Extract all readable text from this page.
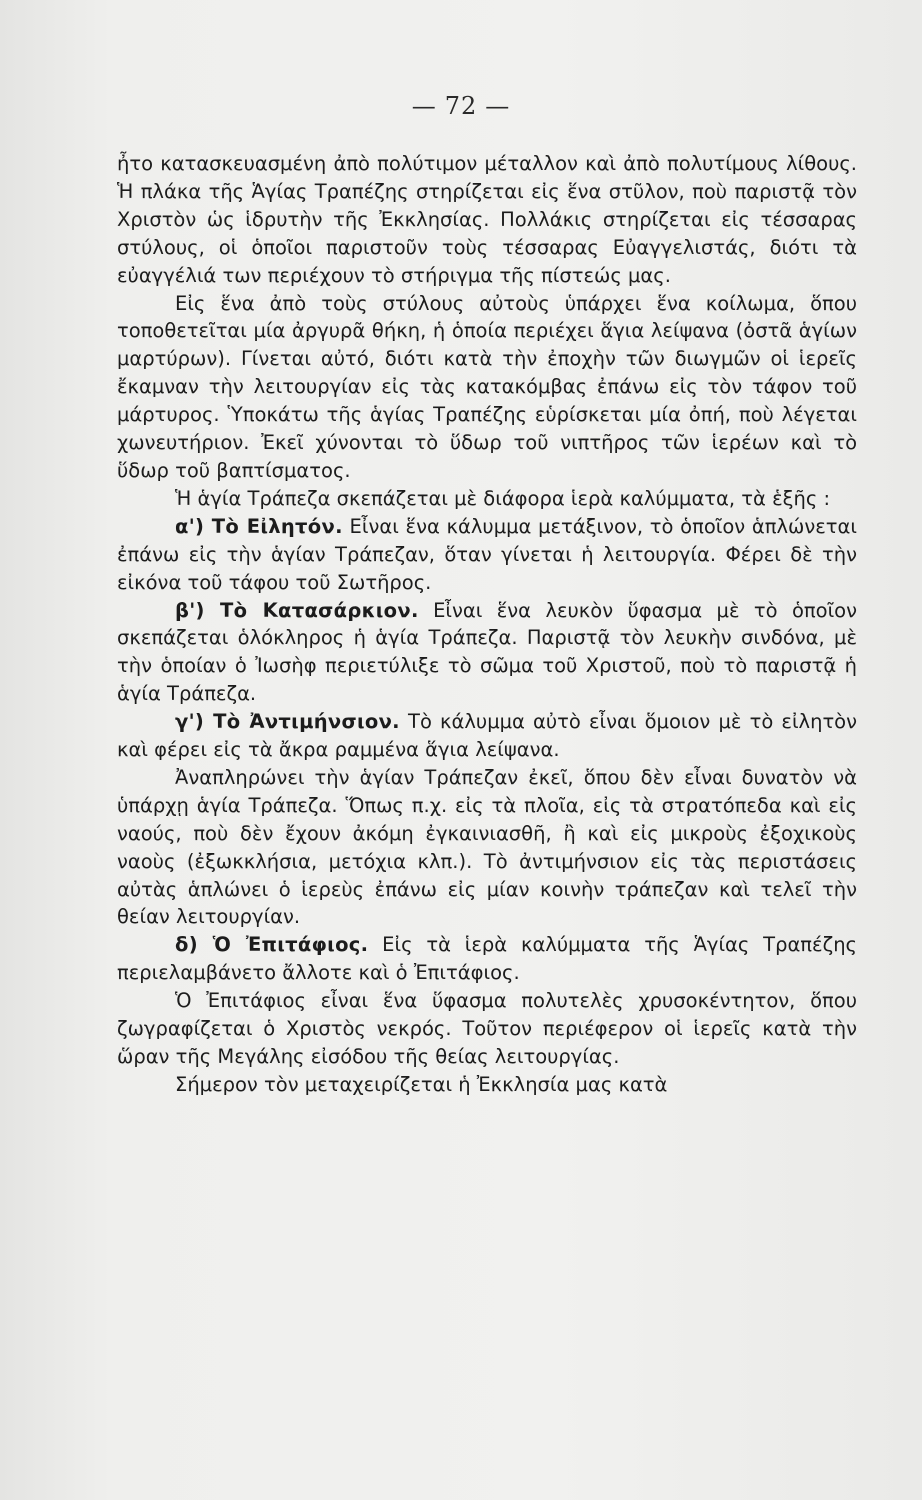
— 72 —

ἦτο κατασκευασμένη ἀπὸ πολύτιμον μέταλλον καὶ ἀπὸ πολυτίμους λίθους. Ἡ πλάκα τῆς Ἁγίας Τραπέζης στηρίζεται εἰς ἕνα στῦλον, ποὺ παριστᾷ τὸν Χριστὸν ὡς ἱδρυτὴν τῆς Ἐκκλησίας. Πολλάκις στηρίζεται εἰς τέσσαρας στύλους, οἱ ὁποῖοι παριστοῦν τοὺς τέσσαρας Εὐαγγελιστάς, διότι τὰ εὐαγγέλιά των περιέχουν τὸ στήριγμα τῆς πίστεώς μας.

Εἰς ἕνα ἀπὸ τοὺς στύλους αὐτοὺς ὑπάρχει ἕνα κοίλωμα, ὅπου τοποθετεῖται μία ἀργυρᾶ θήκη, ἡ ὁποία περιέχει ἅγια λείψανα (ὀστᾶ ἁγίων μαρτύρων). Γίνεται αὐτό, διότι κατὰ τὴν ἐποχὴν τῶν διωγμῶν οἱ ἱερεῖς ἔκαμναν τὴν λειτουργίαν εἰς τὰς κατακόμβας ἐπάνω εἰς τὸν τάφον τοῦ μάρτυρος. Ὑποκάτω τῆς ἁγίας Τραπέζης εὑρίσκεται μία ὀπή, ποὺ λέγεται χωνευτήριον. Ἐκεῖ χύνονται τὸ ὕδωρ τοῦ νιπτῆρος τῶν ἱερέων καὶ τὸ ὕδωρ τοῦ βαπτίσματος.

Ἡ ἁγία Τράπεζα σκεπάζεται μὲ διάφορα ἱερὰ καλύμματα, τὰ ἑξῆς :

α') Τὸ Εἰλητόν. Εἶναι ἕνα κάλυμμα μετάξινον, τὸ ὁποῖον ἁπλώνεται ἐπάνω εἰς τὴν ἁγίαν Τράπεζαν, ὅταν γίνεται ἡ λειτουργία. Φέρει δὲ τὴν εἰκόνα τοῦ τάφου τοῦ Σωτῆρος.

β') Τὸ Κατασάρκιον. Εἶναι ἕνα λευκὸν ὕφασμα μὲ τὸ ὁποῖον σκεπάζεται ὁλόκληρος ἡ ἁγία Τράπεζα. Παριστᾷ τὸν λευκὴν σινδόνα, μὲ τὴν ὁποίαν ὁ Ἰωσὴφ περιετύλιξε τὸ σῶμα τοῦ Χριστοῦ, ποὺ τὸ παριστᾷ ἡ ἁγία Τράπεζα.

γ') Τὸ Ἀντιμήνσιον. Τὸ κάλυμμα αὐτὸ εἶναι ὅμοιον μὲ τὸ εἰλητὸν καὶ φέρει εἰς τὰ ἄκρα ραμμένα ἅγια λείψανα.

Ἀναπληρώνει τὴν ἁγίαν Τράπεζαν ἐκεῖ, ὅπου δὲν εἶναι δυνατὸν νὰ ὑπάρχῃ ἁγία Τράπεζα. Ὅπως π.χ. εἰς τὰ πλοῖα, εἰς τὰ στρατόπεδα καὶ εἰς ναούς, ποὺ δὲν ἔχουν ἀκόμη ἐγκαινιασθῆ, ἢ καὶ εἰς μικροὺς ἐξοχικοὺς ναοὺς (ἐξωκκλήσια, μετόχια κλπ.). Τὸ ἀντιμήνσιον εἰς τὰς περιστάσεις αὐτὰς ἁπλώνει ὁ ἱερεὺς ἐπάνω εἰς μίαν κοινὴν τράπεζαν καὶ τελεῖ τὴν θείαν λειτουργίαν.

δ) Ὁ Ἐπιτάφιος. Εἰς τὰ ἱερὰ καλύμματα τῆς Ἁγίας Τραπέζης περιελαμβάνετο ἄλλοτε καὶ ὁ Ἐπιτάφιος.

Ὁ Ἐπιτάφιος εἶναι ἕνα ὕφασμα πολυτελὲς χρυσοκέντητον, ὅπου ζωγραφίζεται ὁ Χριστὸς νεκρός. Τοῦτον περιέφερον οἱ ἱερεῖς κατὰ τὴν ὥραν τῆς Μεγάλης εἰσόδου τῆς θείας λειτουργίας.

Σήμερον τὸν μεταχειρίζεται ἡ Ἐκκλησία μας κατὰ
